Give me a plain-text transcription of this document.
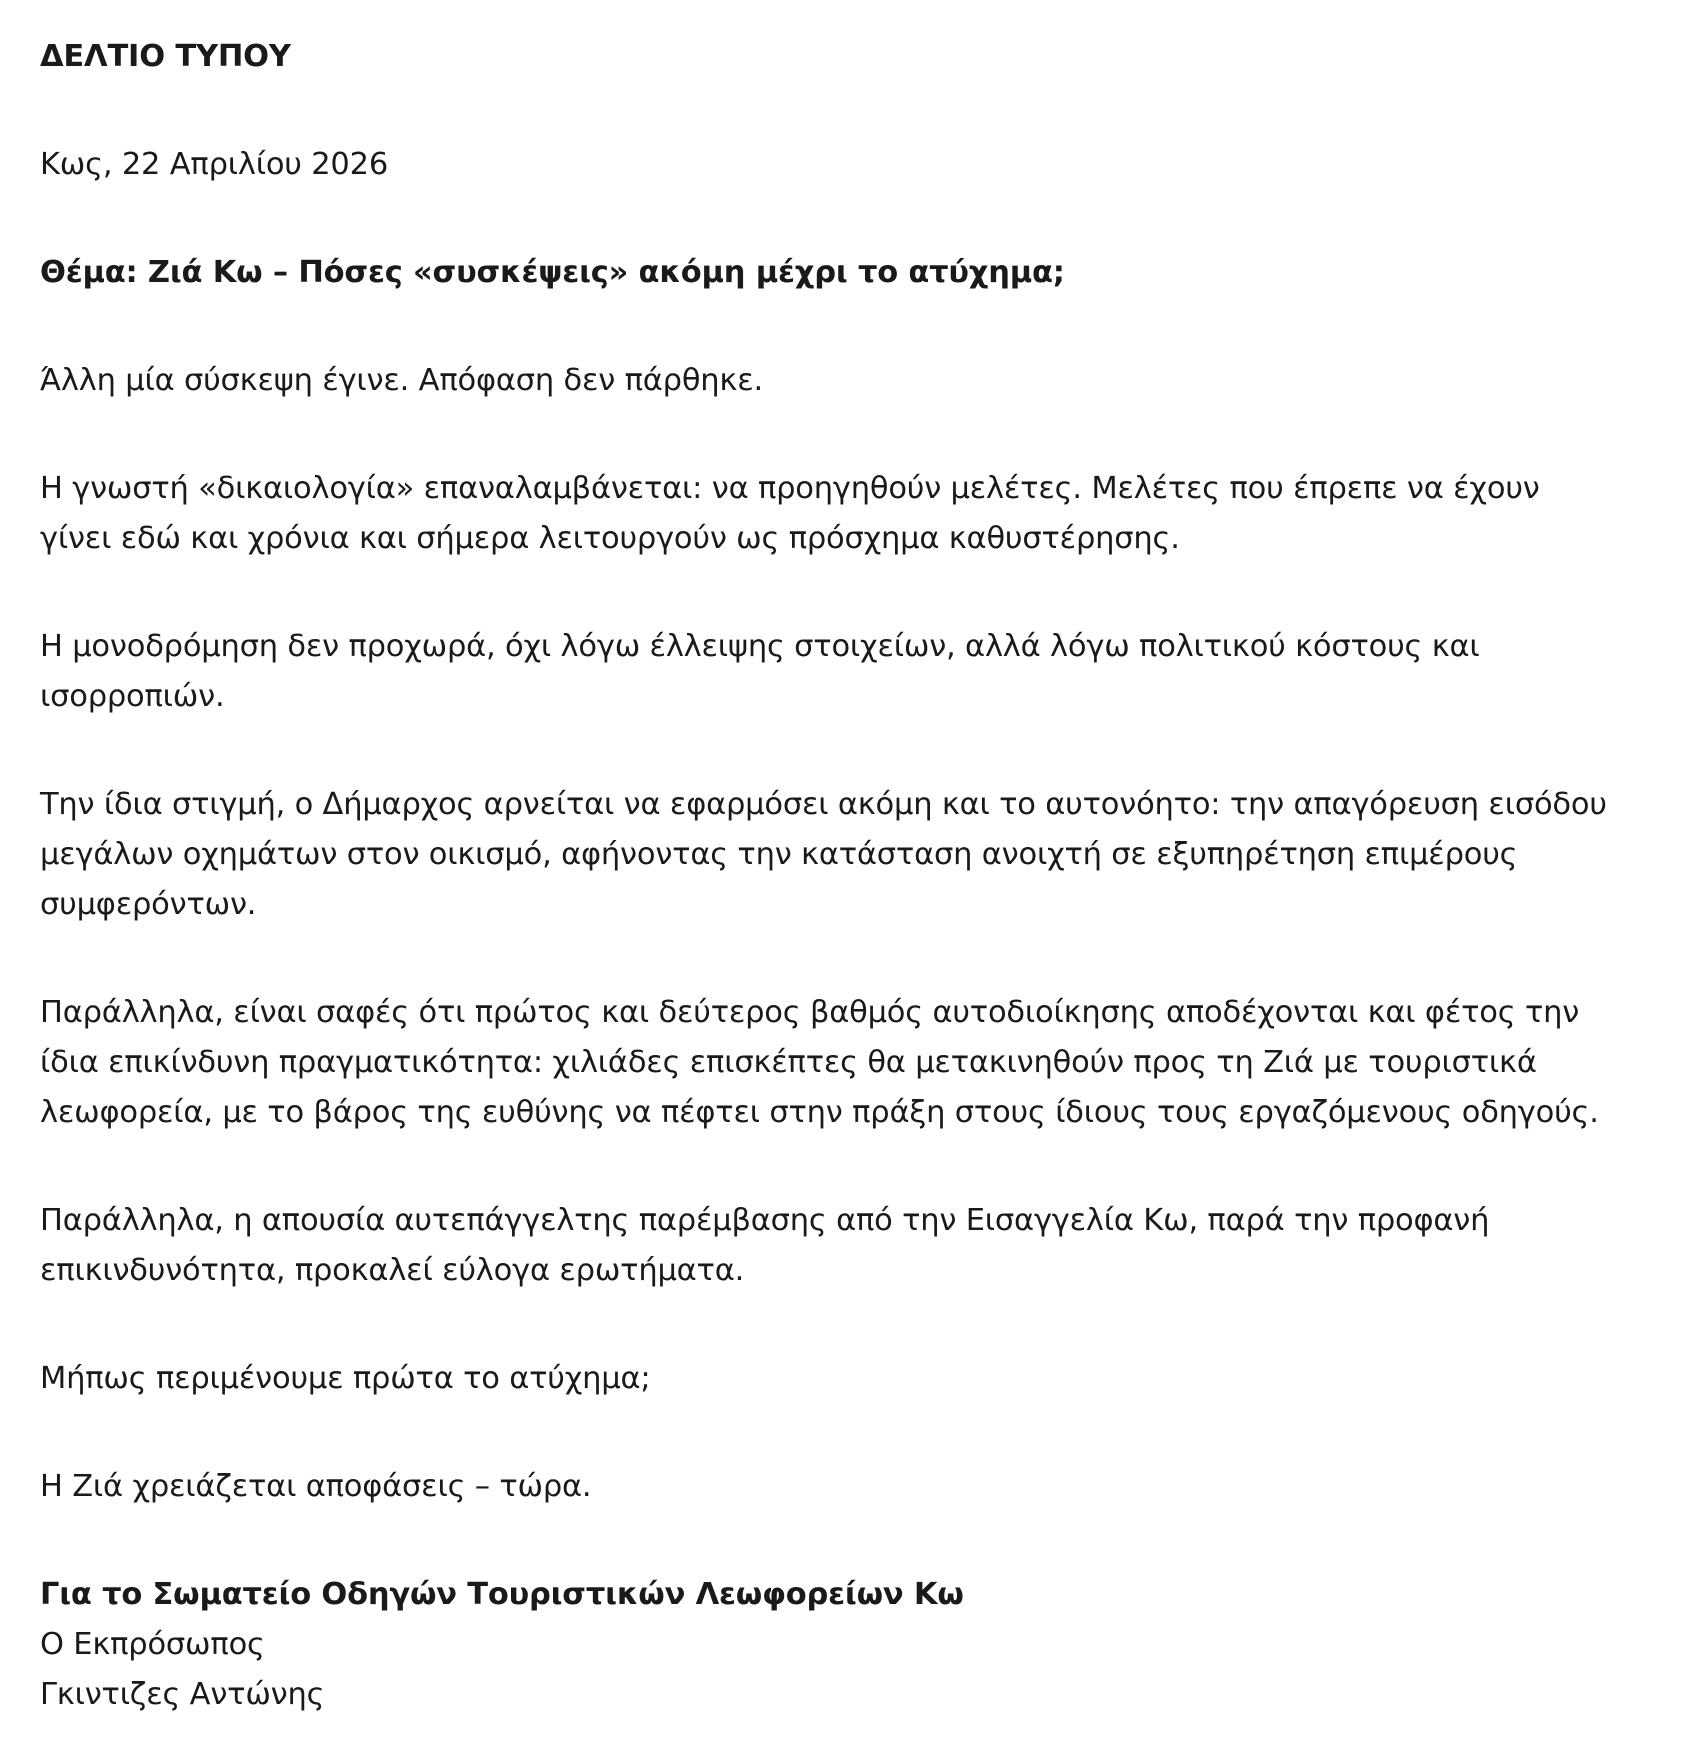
ΔΕΛΤΙΟ ΤΥΠΟΥ
Κως, 22 Απριλίου 2026
Θέμα: Ζιά Κω – Πόσες «συσκέψεις» ακόμη μέχρι το ατύχημα;
Άλλη μία σύσκεψη έγινε. Απόφαση δεν πάρθηκε.
Η γνωστή «δικαιολογία» επαναλαμβάνεται: να προηγηθούν μελέτες. Μελέτες που έπρεπε να έχουν
γίνει εδώ και χρόνια και σήμερα λειτουργούν ως πρόσχημα καθυστέρησης.
Η μονοδρόμηση δεν προχωρά, όχι λόγω έλλειψης στοιχείων, αλλά λόγω πολιτικού κόστους και
ισορροπιών.
Την ίδια στιγμή, ο Δήμαρχος αρνείται να εφαρμόσει ακόμη και το αυτονόητο: την απαγόρευση εισόδου
μεγάλων οχημάτων στον οικισμό, αφήνοντας την κατάσταση ανοιχτή σε εξυπηρέτηση επιμέρους
συμφερόντων.
Παράλληλα, είναι σαφές ότι πρώτος και δεύτερος βαθμός αυτοδιοίκησης αποδέχονται και φέτος την
ίδια επικίνδυνη πραγματικότητα: χιλιάδες επισκέπτες θα μετακινηθούν προς τη Ζιά με τουριστικά
λεωφορεία, με το βάρος της ευθύνης να πέφτει στην πράξη στους ίδιους τους εργαζόμενους οδηγούς.
Παράλληλα, η απουσία αυτεπάγγελτης παρέμβασης από την Εισαγγελία Κω, παρά την προφανή
επικινδυνότητα, προκαλεί εύλογα ερωτήματα.
Μήπως περιμένουμε πρώτα το ατύχημα;
Η Ζιά χρειάζεται αποφάσεις – τώρα.
Για το Σωματείο Οδηγών Τουριστικών Λεωφορείων Κω
Ο Εκπρόσωπος
Γκιντιζες Αντώνης
